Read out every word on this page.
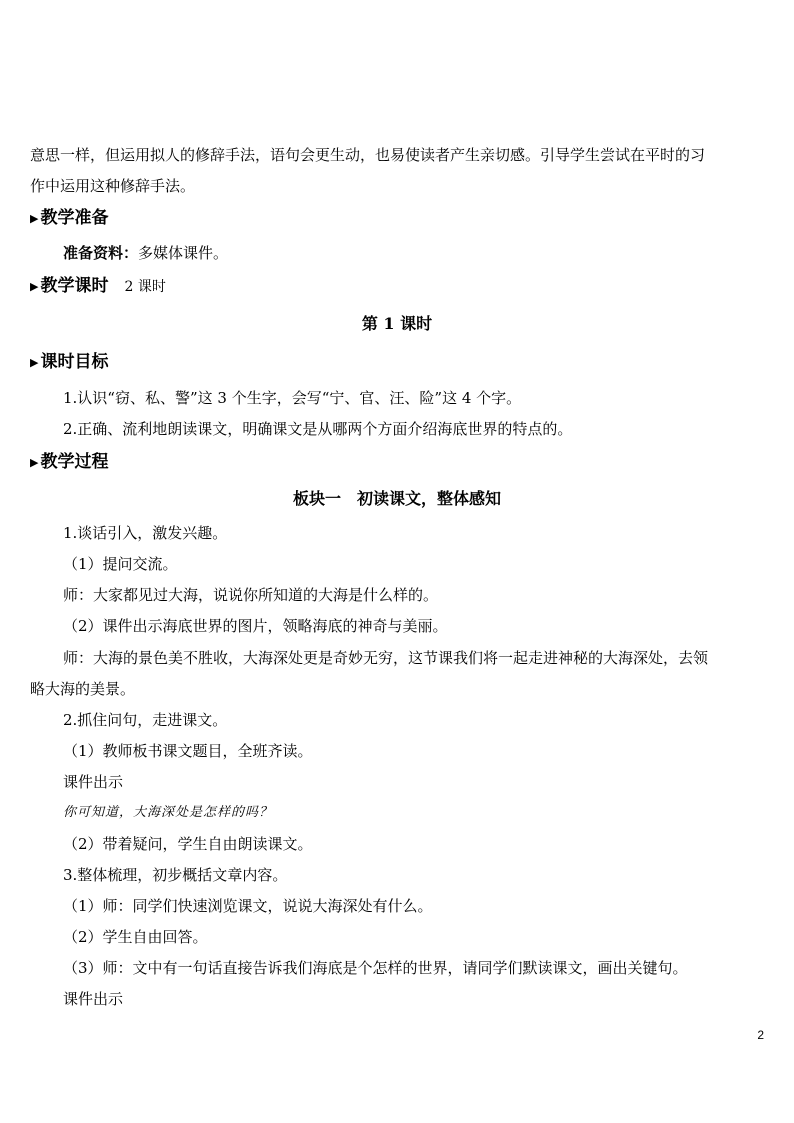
意思一样，但运用拟人的修辞手法，语句会更生动，也易使读者产生亲切感。引导学生尝试在平时的习
作中运用这种修辞手法。
▶ 教学准备
准备资料：多媒体课件。
▶ 教学课时 2 课时
第 1 课时
▶ 课时目标
1.认识“窃、私、警”这 3 个生字，会写“宁、官、汪、险”这 4 个字。
2.正确、流利地朗读课文，明确课文是从哪两个方面介绍海底世界的特点的。
▶ 教学过程
板块一　初读课文，整体感知
1.谈话引入，激发兴趣。
（1）提问交流。
师：大家都见过大海，说说你所知道的大海是什么样的。
（2）课件出示海底世界的图片，领略海底的神奇与美丽。
师：大海的景色美不胜收，大海深处更是奇妙无穷，这节课我们将一起走进神秘的大海深处，去领
略大海的美景。
2.抓住问句，走进课文。
（1）教师板书课文题目，全班齐读。
课件出示
你可知道，大海深处是怎样的吗？
（2）带着疑问，学生自由朗读课文。
3.整体梳理，初步概括文章内容。
（1）师：同学们快速浏览课文，说说大海深处有什么。
（2）学生自由回答。
（3）师：文中有一句话直接告诉我们海底是个怎样的世界，请同学们默读课文，画出关键句。
课件出示
2
